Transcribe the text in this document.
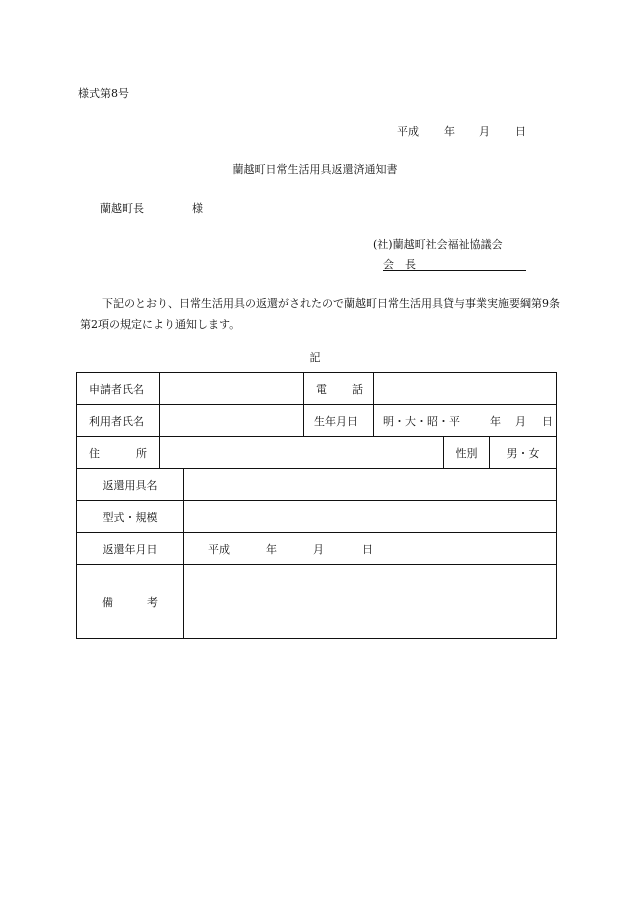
様式第8号
平成 年 月 日
蘭越町日常生活用具返還済通知書
蘭越町長	様
(社)蘭越町社会福祉協議会
会　長
下記のとおり、日常生活用具の返還がされたので蘭越町日常生活用具貸与事業実施要綱第9条第2項の規定により通知します。
記
申請者氏名			電 話			

利用者氏名			生年月日	明・大・昭・平 年 月 日		

住 所					性別	男・女
返還用具名						
型式・規模						
返還年月日		平成 年 月 日				

備 考						
